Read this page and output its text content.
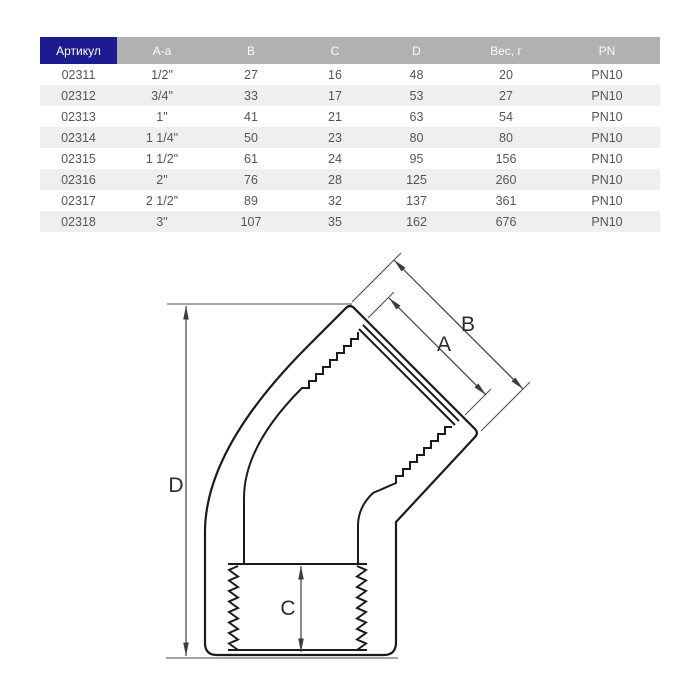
Артикул	A-a	B	C	D	Вес, г	PN
02311	1/2"	27	16	48	20	PN10
02312	3/4"	33	17	53	27	PN10
02313	1"	41	21	63	54	PN10
02314	1 1/4"	50	23	80	80	PN10
02315	1 1/2"	61	24	95	156	PN10
02316	2"	76	28	125	260	PN10
02317	2 1/2"	89	32	137	361	PN10
02318	3"	107	35	162	676	PN10
D
C
A
B
